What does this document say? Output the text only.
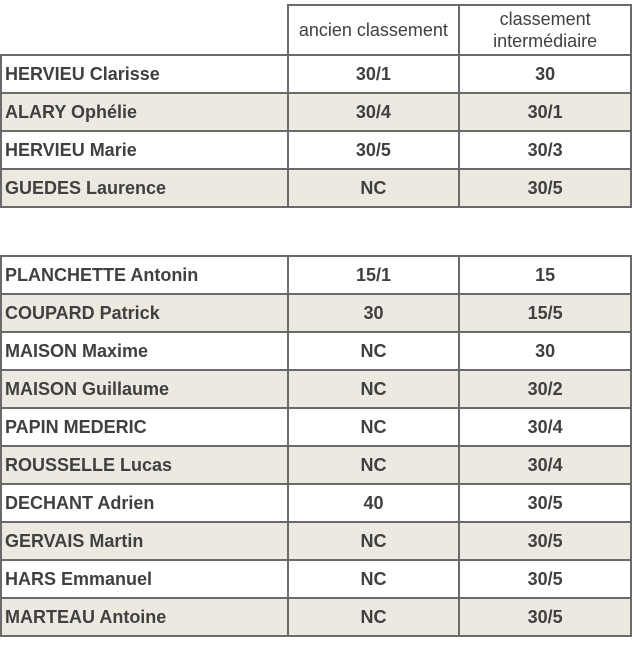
	ancien classement	classement intermédiaire
HERVIEU Clarisse	30/1	30
ALARY Ophélie	30/4	30/1
HERVIEU Marie	30/5	30/3
GUEDES Laurence	NC	30/5
PLANCHETTE Antonin	15/1	15
COUPARD Patrick	30	15/5
MAISON Maxime	NC	30
MAISON Guillaume	NC	30/2
PAPIN MEDERIC	NC	30/4
ROUSSELLE Lucas	NC	30/4
DECHANT Adrien	40	30/5
GERVAIS Martin	NC	30/5
HARS Emmanuel	NC	30/5
MARTEAU Antoine	NC	30/5
